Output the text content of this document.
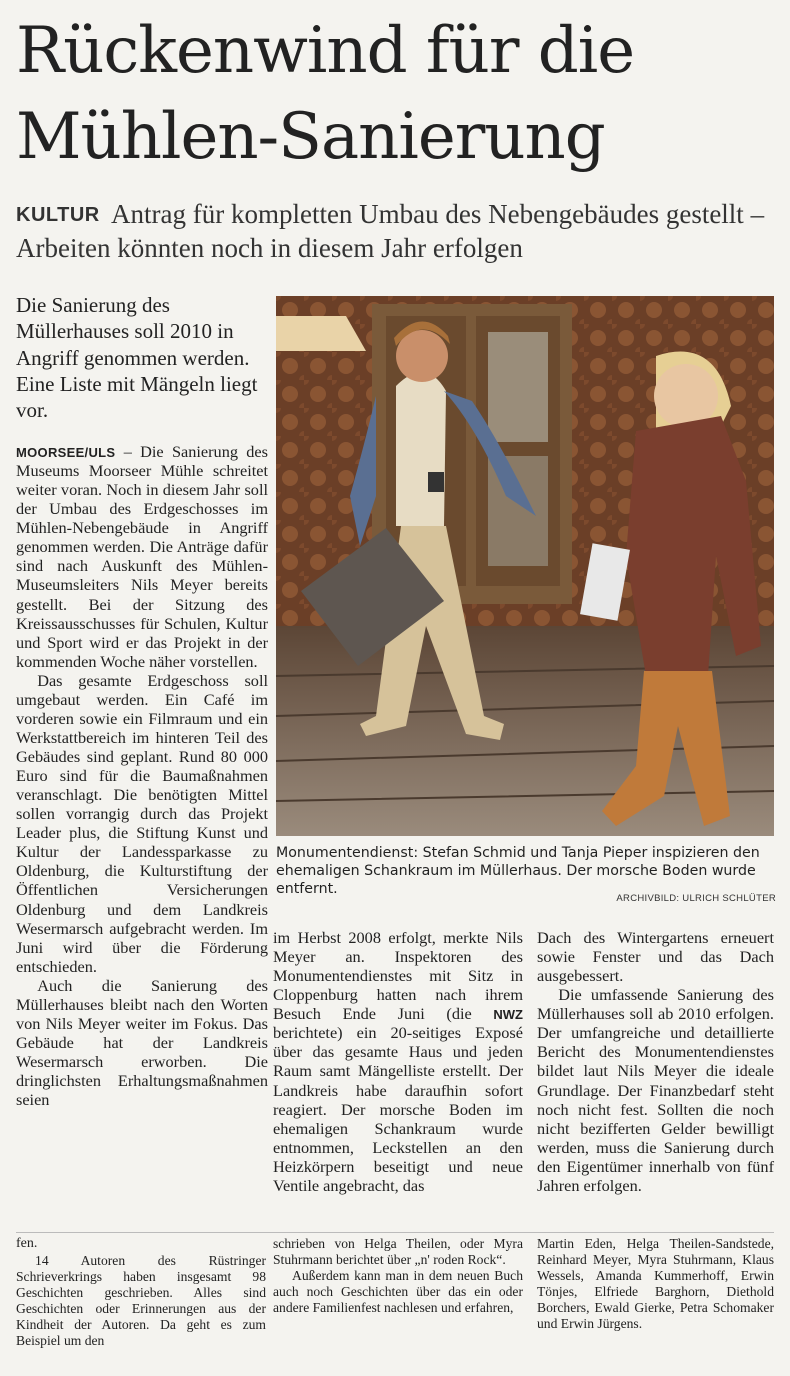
Rückenwind für die
Mühlen-Sanierung
KULTUR Antrag für kompletten Umbau des Nebengebäudes gestellt – Arbeiten könnten noch in diesem Jahr erfolgen
Die Sanierung des Müllerhauses soll 2010 in Angriff genommen werden. Eine Liste mit Mängeln liegt vor.

MOORSEE/ULS – Die Sanierung des Museums Moorseer Mühle schreitet weiter voran. Noch in diesem Jahr soll der Umbau des Erdgeschosses im Mühlen-Nebengebäude in Angriff genommen werden. Die Anträge dafür sind nach Auskunft des Mühlen-Museumsleiters Nils Meyer bereits gestellt. Bei der Sitzung des Kreissausschusses für Schulen, Kultur und Sport wird er das Projekt in der kommenden Woche näher vorstellen.

Das gesamte Erdgeschoss soll umgebaut werden. Ein Café im vorderen sowie ein Filmraum und ein Werkstattbereich im hinteren Teil des Gebäudes sind geplant. Rund 80 000 Euro sind für die Baumaßnahmen veranschlagt. Die benötigten Mittel sollen vorrangig durch das Projekt Leader plus, die Stiftung Kunst und Kultur der Landessparkasse zu Oldenburg, die Kulturstiftung der Öffentlichen Versicherungen Oldenburg und dem Landkreis Wesermarsch aufgebracht werden. Im Juni wird über die Förderung entschieden.

Auch die Sanierung des Müllerhauses bleibt nach den Worten von Nils Meyer weiter im Fokus. Das Gebäude hat der Landkreis Wesermarsch erworben. Die dringlichsten Erhaltungsmaßnahmen seien

Monumentendienst: Stefan Schmid und Tanja Pieper inspizieren den ehemaligen Schankraum im Müllerhaus. Der morsche Boden wurde entfernt.
ARCHIVBILD: ULRICH SCHLÜTER

im Herbst 2008 erfolgt, merkte Nils Meyer an. Inspektoren des Monumentendienstes mit Sitz in Cloppenburg hatten nach ihrem Besuch Ende Juni (die NWZ berichtete) ein 20-seitiges Exposé über das gesamte Haus und jeden Raum samt Mängelliste erstellt. Der Landkreis habe daraufhin sofort reagiert. Der morsche Boden im ehemaligen Schankraum wurde entnommen, Leckstellen an den Heizkörpern beseitigt und neue Ventile angebracht, das

Dach des Wintergartens erneuert sowie Fenster und das Dach ausgebessert.

Die umfassende Sanierung des Müllerhauses soll ab 2010 erfolgen. Der umfangreiche und detaillierte Bericht des Monumentendienstes bildet laut Nils Meyer die ideale Grundlage. Der Finanzbedarf steht noch nicht fest. Sollten die noch nicht bezifferten Gelder bewilligt werden, muss die Sanierung durch den Eigentümer innerhalb von fünf Jahren erfolgen.

fen.
14 Autoren des Rüstringer Schrieverkrings haben insgesamt 98 Geschichten geschrieben. Alles sind Geschichten oder Erinnerungen aus der Kindheit der Autoren. Da geht es zum Beispiel um den

schrieben von Helga Theilen, oder Myra Stuhrmann berichtet über „n' roden Rock“.

Außerdem kann man in dem neuen Buch auch noch Geschichten über das ein oder andere Familienfest nachlesen und erfahren,

Martin Eden, Helga Theilen-Sandstede, Reinhard Meyer, Myra Stuhrmann, Klaus Wessels, Amanda Kummerhoff, Erwin Tönjes, Elfriede Barghorn, Diethold Borchers, Ewald Gierke, Petra Schomaker und Erwin Jürgens.
